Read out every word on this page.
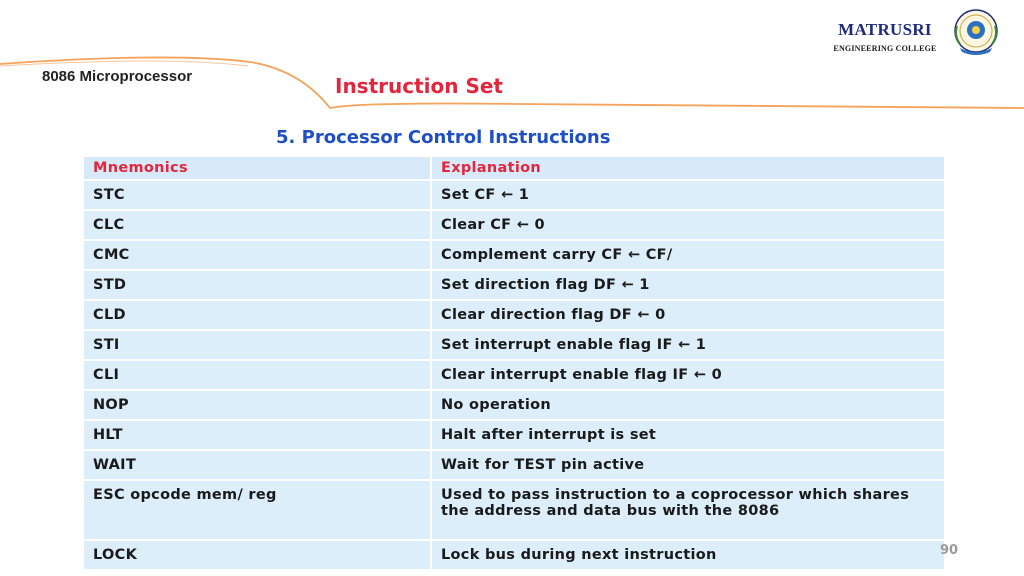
MATRUSRI
ENGINEERING COLLEGE
8086 Microprocessor	Instruction Set
5. Processor Control Instructions
Mnemonics	Explanation
STC	Set CF ← 1
CLC	Clear CF ← 0
CMC	Complement carry CF ← CF/
STD	Set direction flag DF ← 1
CLD	Clear direction flag DF ← 0
STI	Set interrupt enable flag IF ← 1
CLI	Clear interrupt enable flag IF ← 0
NOP	No operation
HLT	Halt after interrupt is set
WAIT	Wait for TEST pin active
ESC opcode mem/ reg	Used to pass instruction to a coprocessor which shares the address and data bus with the 8086
LOCK	Lock bus during next instruction	90
